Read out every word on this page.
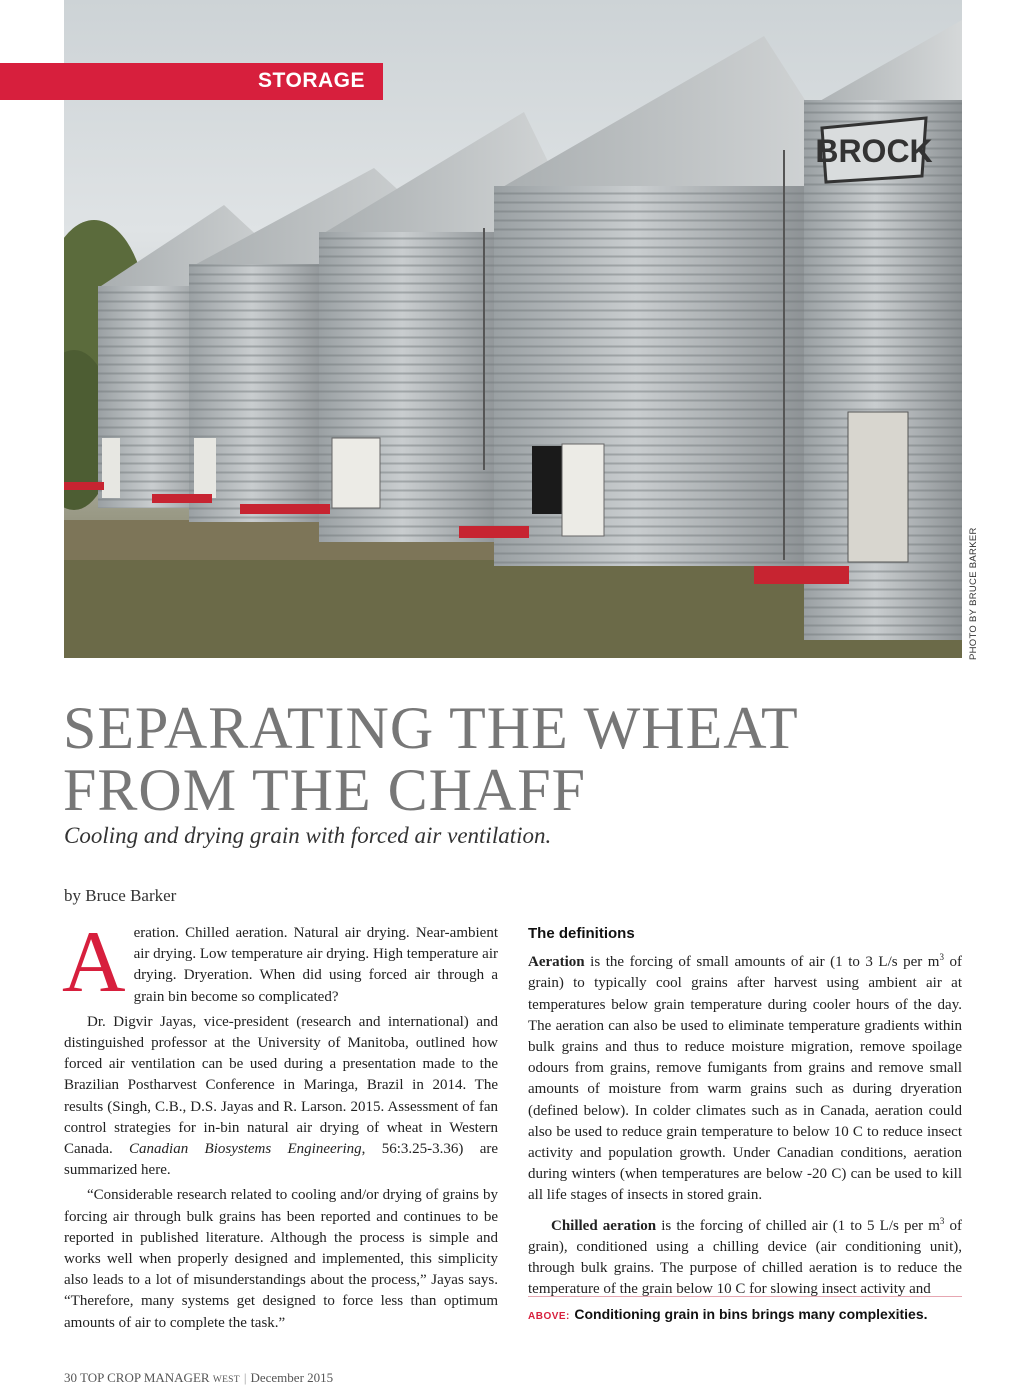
BROCK
STORAGE
PHOTO BY BRUCE BARKER
SEPARATING THE WHEAT
FROM THE CHAFF

Cooling and drying grain with forced air ventilation.

by Bruce Barker

Aeration. Chilled aeration. Natural air drying. Near-ambient air drying. Low temperature air drying. High temperature air drying. Dryeration. When did using forced air through a grain bin become so complicated?

Dr. Digvir Jayas, vice-president (research and international) and distinguished professor at the University of Manitoba, outlined how forced air ventilation can be used during a presentation made to the Brazilian Postharvest Conference in Maringa, Brazil in 2014. The results (Singh, C.B., D.S. Jayas and R. Larson. 2015. Assessment of fan control strategies for in-bin natural air drying of wheat in Western Canada. Canadian Biosystems Engineering, 56:3.25-3.36) are summarized here.

“Considerable research related to cooling and/or drying of grains by forcing air through bulk grains has been reported and continues to be reported in published literature. Although the process is simple and works well when properly designed and implemented, this simplicity also leads to a lot of misunderstandings about the process,” Jayas says. “Therefore, many systems get designed to force less than optimum amounts of air to complete the task.”

The definitions

Aeration is the forcing of small amounts of air (1 to 3 L/s per $m^3$ of grain) to typically cool grains after harvest using ambient air at temperatures below grain temperature during cooler hours of the day. The aeration can also be used to eliminate temperature gradients within bulk grains and thus to reduce moisture migration, remove spoilage odours from grains, remove fumigants from grains and remove small amounts of moisture from warm grains such as during dryeration (defined below). In colder climates such as in Canada, aeration could also be used to reduce grain temperature to below 10 C to reduce insect activity and population growth. Under Canadian conditions, aeration during winters (when temperatures are below -20 C) can be used to kill all life stages of insects in stored grain.

Chilled aeration is the forcing of chilled air (1 to 5 L/s per $m^3$ of grain), conditioned using a chilling device (air conditioning unit), through bulk grains. The purpose of chilled aeration is to reduce the temperature of the grain below 10 C for slowing insect activity and

ABOVE: Conditioning grain in bins brings many complexities.
30 TOP CROP MANAGER WEST | December 2015
